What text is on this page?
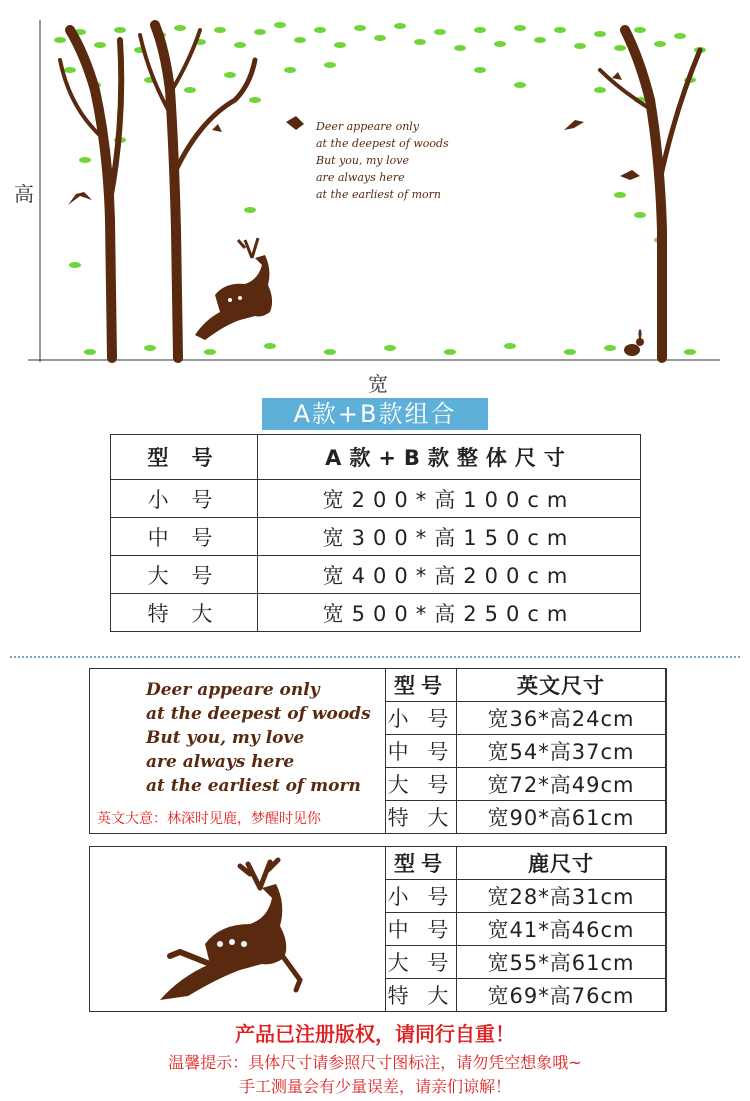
Deer appeare only
at the deepest of woods
But you, my love
are always here
at the earliest of morn
高
宽
A款+B款组合
型 号	A款+B款整体尺寸
小 号	宽200*高100cm
中 号	宽300*高150cm
大 号	宽400*高200cm
特 大	宽500*高250cm
Deer appeare only
at the deepest of woods
But you, my love
are always here
at the earliest of morn
英文大意：林深时见鹿，梦醒时见你
型号	英文尺寸
小 号	宽36*高24cm
中 号	宽54*高37cm
大 号	宽72*高49cm
特 大	宽90*高61cm
型号	鹿尺寸
小 号	宽28*高31cm
中 号	宽41*高46cm
大 号	宽55*高61cm
特 大	宽69*高76cm
产品已注册版权，请同行自重！
温馨提示：具体尺寸请参照尺寸图标注，请勿凭空想象哦~
手工测量会有少量误差，请亲们谅解！
